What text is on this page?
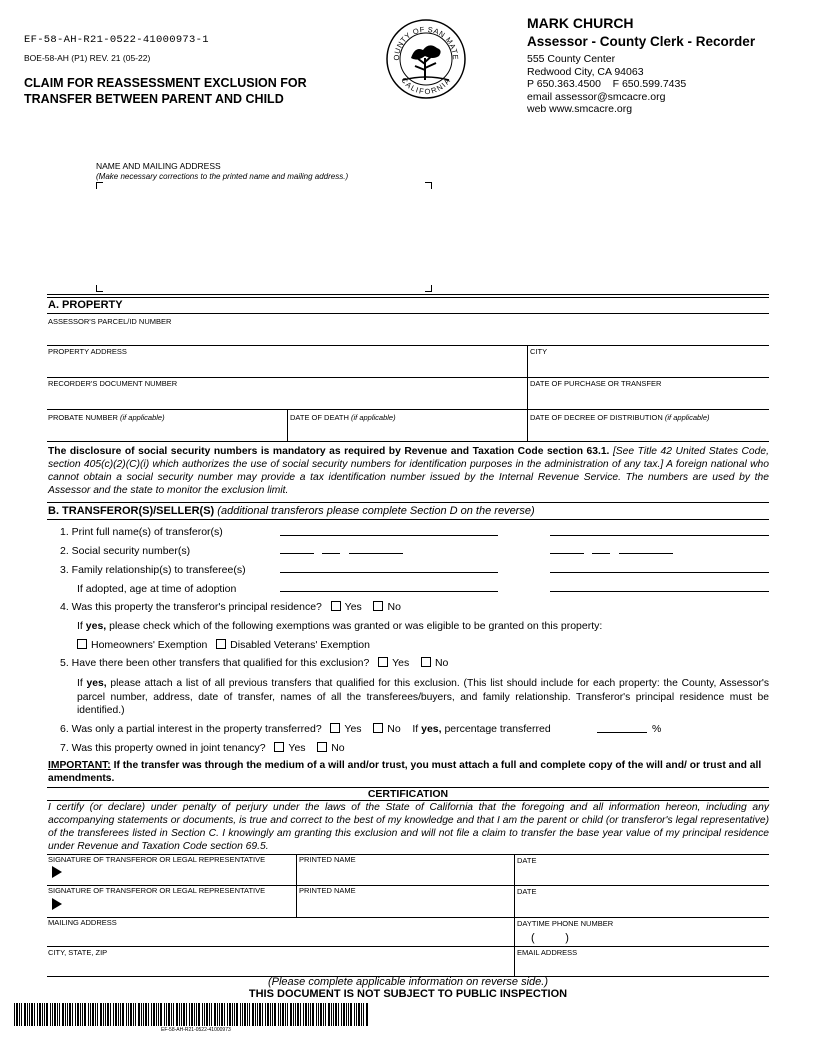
EF-58-AH-R21-0522-41000973-1
BOE-58-AH (P1) REV. 21 (05-22)
CLAIM FOR REASSESSMENT EXCLUSION FOR
TRANSFER BETWEEN PARENT AND CHILD
OUNTY OF SAN MATE
CALIFORNIA
MARK CHURCH
Assessor - County Clerk - Recorder
555 County Center
Redwood City, CA 94063
P 650.363.4500    F 650.599.7435
email assessor@smcacre.org
web www.smcacre.org
NAME AND MAILING ADDRESS
(Make necessary corrections to the printed name and mailing address.)
A. PROPERTY
ASSESSOR'S PARCEL/ID NUMBER
PROPERTY ADDRESS	CITY
RECORDER'S DOCUMENT NUMBER	DATE OF PURCHASE OR TRANSFER
PROBATE NUMBER (if applicable)	DATE OF DEATH (if applicable)	DATE OF DECREE OF DISTRIBUTION (if applicable)
The disclosure of social security numbers is mandatory as required by Revenue and Taxation Code section 63.1. [See Title 42 United States Code, section 405(c)(2)(C)(i) which authorizes the use of social security numbers for identification purposes in the administration of any tax.] A foreign national who cannot obtain a social security number may provide a tax identification number issued by the Internal Revenue Service. The numbers are used by the Assessor and the state to monitor the exclusion limit.
B. TRANSFEROR(S)/SELLER(S) (additional transferors please complete Section D on the reverse)
1. Print full name(s) of transferor(s)
2. Social security number(s)
3. Family relationship(s) to transferee(s)
If adopted, age at time of adoption
4. Was this property the transferor's principal residence? Yes No
If yes, please check which of the following exemptions was granted or was eligible to be granted on this property:
Homeowners' Exemption Disabled Veterans' Exemption
5. Have there been other transfers that qualified for this exclusion? Yes No
If yes, please attach a list of all previous transfers that qualified for this exclusion. (This list should include for each property: the County, Assessor's parcel number, address, date of transfer, names of all the transferees/buyers, and family relationship. Transferor's principal residence must be identified.)
6. Was only a partial interest in the property transferred? Yes No If yes, percentage transferred	%
7. Was this property owned in joint tenancy? Yes No
IMPORTANT: If the transfer was through the medium of a will and/or trust, you must attach a full and complete copy of the will and/ or trust and all amendments.
CERTIFICATION
I certify (or declare) under penalty of perjury under the laws of the State of California that the foregoing and all information hereon, including any accompanying statements or documents, is true and correct to the best of my knowledge and that I am the parent or child (or transferor's legal representative) of the transferees listed in Section C. I knowingly am granting this exclusion and will not file a claim to transfer the base year value of my principal residence under Revenue and Taxation Code section 69.5.
SIGNATURE OF TRANSFEROR OR LEGAL REPRESENTATIVE	PRINTED NAME	DATE
SIGNATURE OF TRANSFEROR OR LEGAL REPRESENTATIVE	PRINTED NAME	DATE
MAILING ADDRESS	DAYTIME PHONE NUMBER
(          )
CITY, STATE, ZIP	EMAIL ADDRESS
(Please complete applicable information on reverse side.)
THIS DOCUMENT IS NOT SUBJECT TO PUBLIC INSPECTION
EF-58-AH-R21-0522-41000973
